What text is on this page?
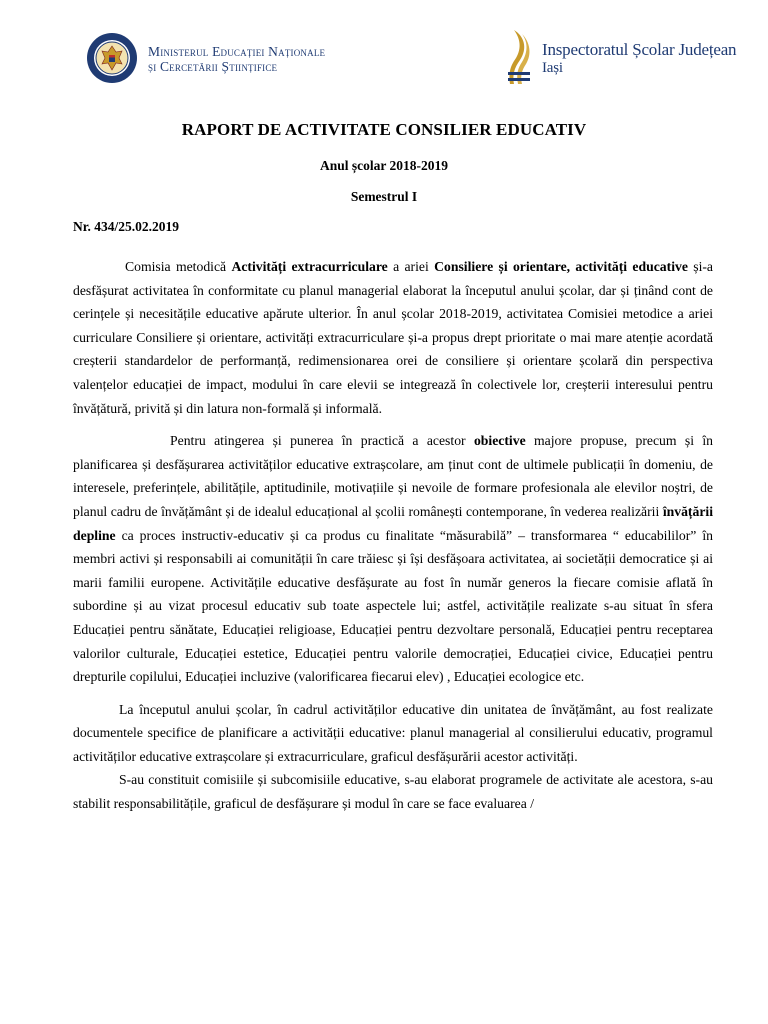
Ministerul Educației Naționale
și Cercetării Științifice
Inspectoratul Școlar Județean
Iași
RAPORT DE ACTIVITATE CONSILIER EDUCATIV
Anul școlar 2018-2019
Semestrul I
Nr. 434/25.02.2019

Comisia metodică Activități extracurriculare a ariei Consiliere și orientare, activități educative și-a desfășurat activitatea în conformitate cu planul managerial elaborat la începutul anului școlar, dar și ținând cont de cerințele și necesitățile educative apărute ulterior. În anul școlar 2018-2019, activitatea Comisiei metodice a ariei curriculare Consiliere și orientare, activități extracurriculare și-a propus drept prioritate o mai mare atenție acordată creșterii standardelor de performanță, redimensionarea orei de consiliere și orientare școlară din perspectiva valențelor educației de impact, modului în care elevii se integrează în colectivele lor, creșterii interesului pentru învățătură, privită și din latura non-formală și informală.

Pentru atingerea și punerea în practică a acestor obiective majore propuse, precum și în planificarea și desfășurarea activităților educative extrașcolare, am ținut cont de ultimele publicații în domeniu, de interesele, preferințele, abilitățile, aptitudinile, motivațiile și nevoile de formare profesionala ale elevilor noștri, de planul cadru de învățământ și de idealul educațional al școlii românești contemporane, în vederea realizării învățării depline ca proces instructiv-educativ și ca produs cu finalitate “măsurabilă” – transformarea “ educabililor” în membri activi și responsabili ai comunității în care trăiesc și își desfășoara activitatea, ai societății democratice și ai marii familii europene. Activitățile educative desfășurate au fost în număr generos la fiecare comisie aflată în subordine și au vizat procesul educativ sub toate aspectele lui; astfel, activitățile realizate s-au situat în sfera Educației pentru sănătate, Educației religioase, Educației pentru dezvoltare personală, Educației pentru receptarea valorilor culturale, Educației estetice, Educației pentru valorile democrației, Educației civice, Educației pentru drepturile copilului, Educației incluzive (valorificarea fiecarui elev) , Educației ecologice etc.

La începutul anului școlar, în cadrul activităților educative din unitatea de învățământ, au fost realizate documentele specifice de planificare a activității educative: planul managerial al consilierului educativ, programul activităților educative extrașcolare și extracurriculare, graficul desfășurării acestor activități.

S-au constituit comisiile și subcomisiile educative, s-au elaborat programele de activitate ale acestora, s-au stabilit responsabilitățile, graficul de desfășurare și modul în care se face evaluarea /
